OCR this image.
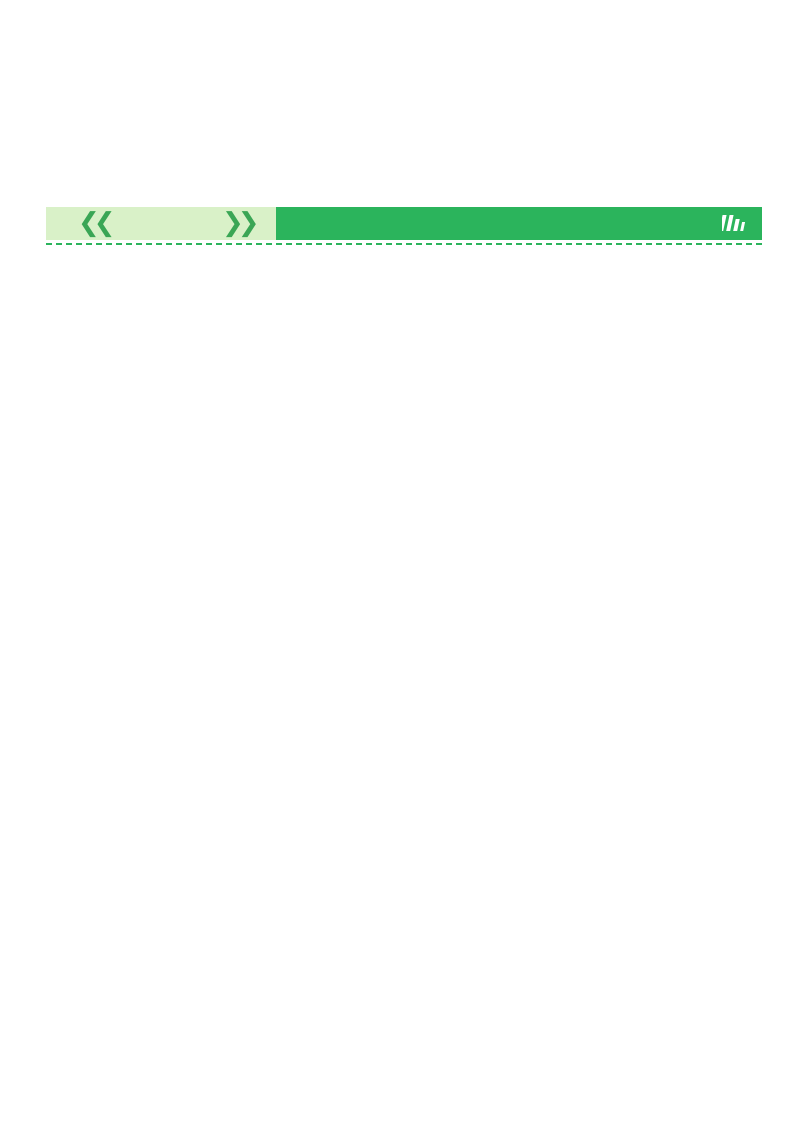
❮❮	❯❯
